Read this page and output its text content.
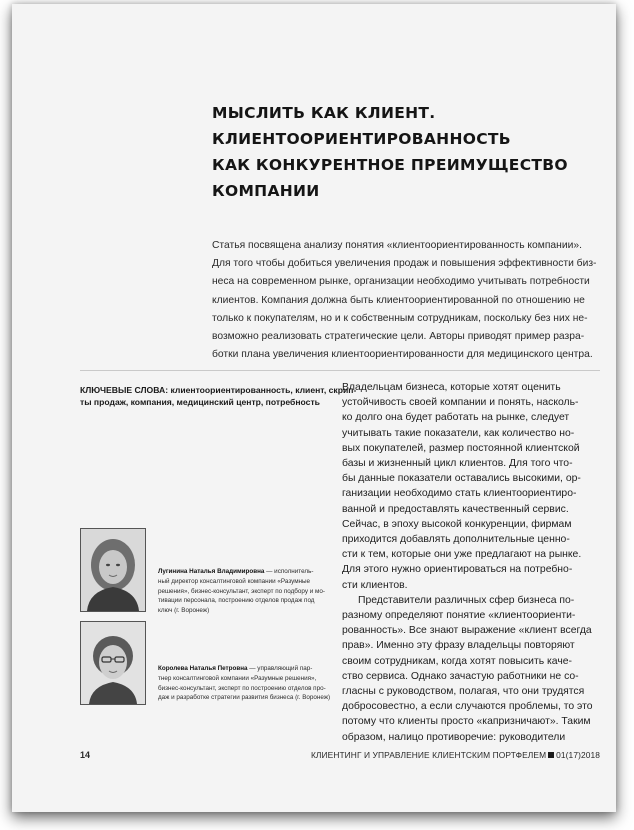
МЫСЛИТЬ КАК КЛИЕНТ.
КЛИЕНТООРИЕНТИРОВАННОСТЬ
КАК КОНКУРЕНТНОЕ ПРЕИМУЩЕСТВО
КОМПАНИИ
Статья посвящена анализу понятия «клиентоориентированность компании».
Для того чтобы добиться увеличения продаж и повышения эффективности биз-
неса на современном рынке, организации необходимо учитывать потребности
клиентов. Компания должна быть клиентоориентированной по отношению не
только к покупателям, но и к собственным сотрудникам, поскольку без них не-
возможно реализовать стратегические цели. Авторы приводят пример разра-
ботки плана увеличения клиентоориентированности для медицинского центра.
КЛЮЧЕВЫЕ СЛОВА: клиентоориентированность, клиент, скрип-
ты продаж, компания, медицинский центр, потребность
Владельцам бизнеса, которые хотят оценить
устойчивость своей компании и понять, насколь-
ко долго она будет работать на рынке, следует
учитывать такие показатели, как количество но-
вых покупателей, размер постоянной клиентской
базы и жизненный цикл клиентов. Для того что-
бы данные показатели оставались высокими, ор-
ганизации необходимо стать клиентоориентиро-
ванной и предоставлять качественный сервис.
Сейчас, в эпоху высокой конкуренции, фирмам
приходится добавлять дополнительные ценно-
сти к тем, которые они уже предлагают на рынке.
Для этого нужно ориентироваться на потребно-
сти клиентов.
Представители различных сфер бизнеса по-
разному определяют понятие «клиентоориенти-
рованность». Все знают выражение «клиент всегда
прав». Именно эту фразу владельцы повторяют
своим сотрудникам, когда хотят повысить каче-
ство сервиса. Однако зачастую работники не со-
гласны с руководством, полагая, что они трудятся
добросовестно, а если случаются проблемы, то это
потому что клиенты просто «капризничают». Таким
образом, налицо противоречие: руководители
Лугинина Наталья Владимировна — исполнитель-
ный директор консалтинговой компании «Разумные
решения», бизнес-консультант, эксперт по подбору и мо-
тивации персонала, построению отделов продаж под
ключ (г. Воронеж)
Королева Наталья Петровна — управляющий пар-
тнер консалтинговой компании «Разумные решения»,
бизнес-консультант, эксперт по построению отделов про-
даж и разработке стратегии развития бизнеса (г. Воронеж)
14	КЛИЕНТИНГ И УПРАВЛЕНИЕ КЛИЕНТСКИМ ПОРТФЕЛЕМ 01(17)2018
